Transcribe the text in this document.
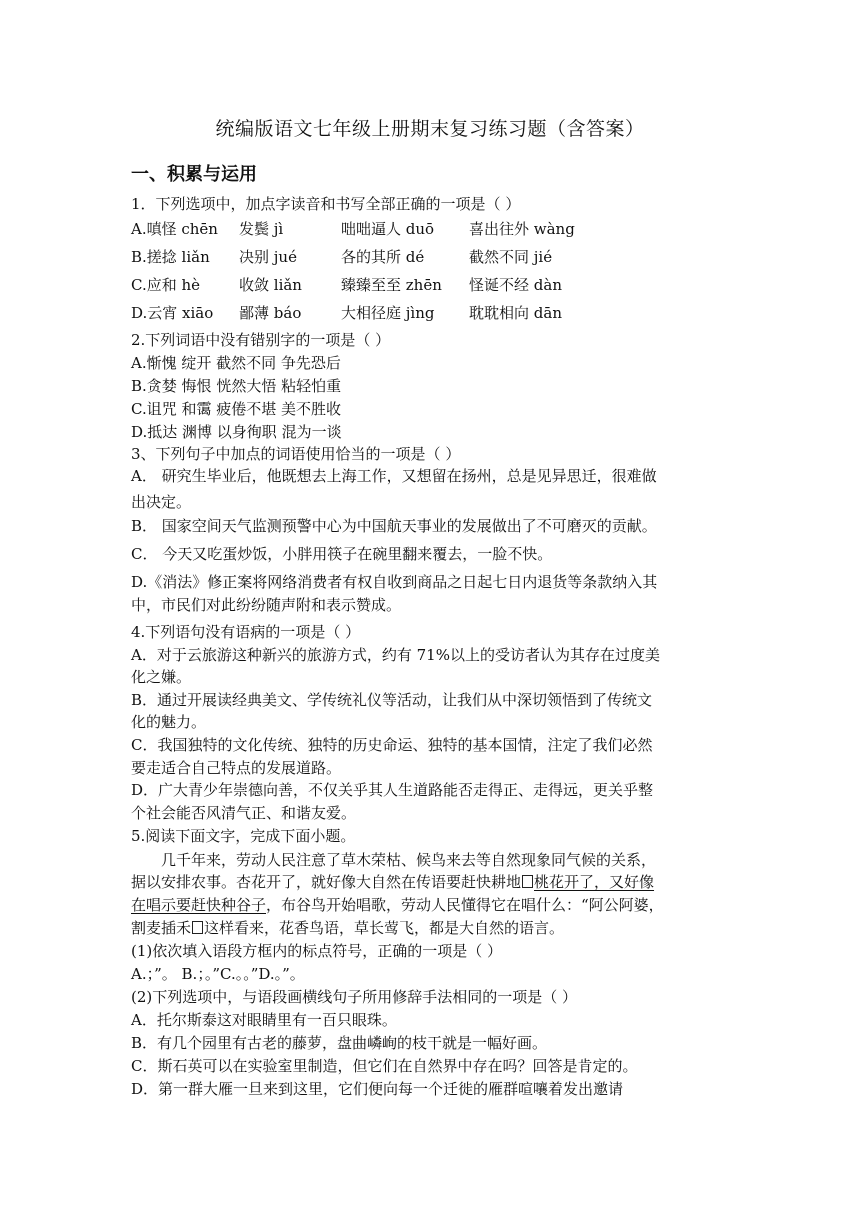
统编版语文七年级上册期末复习练习题（含答案）
一、积累与运用
1．下列选项中，加点字读音和书写全部正确的一项是（ ）
A.嗔怪 chēn 发鬓 jì	咄咄逼人 duō 喜出往外 wàng
B.搓捻 liǎn 决别 jué	各的其所 dé	截然不同 jié
C.应和 hè	收敛 liǎn	臻臻至至 zhēn 怪诞不经 dàn
D.云宵 xiāo 鄙薄 báo	大相径庭 jìng 耽耽相向 dān
2.下列词语中没有错别字的一项是（ ）
A.惭愧 绽开 截然不同 争先恐后
B.贪婪 悔恨 恍然大悟 粘轻怕重
C.诅咒 和霭 疲倦不堪 美不胜收
D.抵达 渊博 以身徇职 混为一谈
3、下列句子中加点的词语使用恰当的一项是（ ）
A． 研究生毕业后，他既想去上海工作，又想留在扬州，总是见异思迁，很难做
出决定。
B． 国家空间天气监测预警中心为中国航天事业的发展做出了不可磨灭的贡献。
C． 今天又吃蛋炒饭，小胖用筷子在碗里翻来覆去，一脸不快。
D.《消法》修正案将网络消费者有权自收到商品之日起七日内退货等条款纳入其
中，市民们对此纷纷随声附和表示赞成。
4.下列语句没有语病的一项是（ ）
A．对于云旅游这种新兴的旅游方式，约有 71%以上的受访者认为其存在过度美
化之嫌。
B．通过开展读经典美文、学传统礼仪等活动，让我们从中深切领悟到了传统文
化的魅力。
C．我国独特的文化传统、独特的历史命运、独特的基本国情，注定了我们必然
要走适合自己特点的发展道路。
D．广大青少年崇德向善，不仅关乎其人生道路能否走得正、走得远，更关乎整
个社会能否风清气正、和谐友爱。
5.阅读下面文字，完成下面小题。
几千年来，劳动人民注意了草木荣枯、候鸟来去等自然现象同气候的关系，
据以安排农事。杏花开了，就好像大自然在传语要赶快耕地 桃花开了，又好像
在唱示要赶快种谷子，布谷鸟开始唱歌，劳动人民懂得它在唱什么：“阿公阿婆，
割麦插禾 这样看来，花香鸟语，草长莺飞，都是大自然的语言。
(1)依次填入语段方框内的标点符号，正确的一项是（ ）
A.；”。 B.；。”C.。。”D.。”。
(2)下列选项中，与语段画横线句子所用修辞手法相同的一项是（ ）
A．托尔斯泰这对眼睛里有一百只眼珠。
B．有几个园里有古老的藤萝，盘曲嶙峋的枝干就是一幅好画。
C．斯石英可以在实验室里制造，但它们在自然界中存在吗？回答是肯定的。
D．第一群大雁一旦来到这里，它们便向每一个迁徙的雁群喧嚷着发出邀请
